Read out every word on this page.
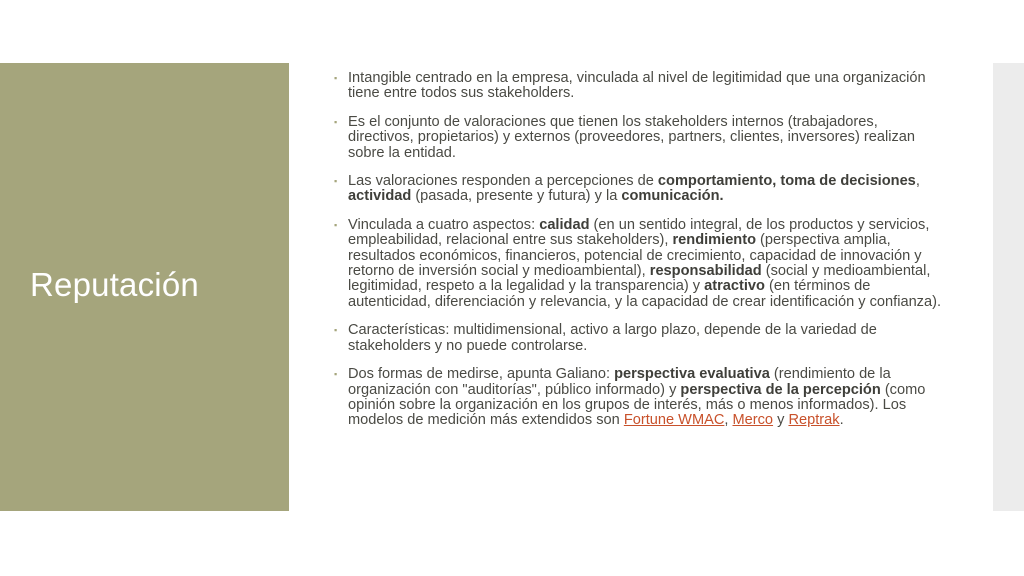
Reputación
▪
Intangible centrado en la empresa, vinculada al nivel de legitimidad que una organización tiene entre todos sus stakeholders.
▪
Es el conjunto de valoraciones que tienen los stakeholders internos (trabajadores, directivos, propietarios) y externos (proveedores, partners, clientes, inversores) realizan sobre la entidad.
▪
Las valoraciones responden a percepciones de comportamiento, toma de decisiones, actividad (pasada, presente y futura) y la comunicación.
▪
Vinculada a cuatro aspectos: calidad (en un sentido integral, de los productos y servicios, empleabilidad, relacional entre sus stakeholders), rendimiento (perspectiva amplia, resultados económicos, financieros, potencial de crecimiento, capacidad de innovación y retorno de inversión social y medioambiental), responsabilidad (social y medioambiental, legitimidad, respeto a la legalidad y la transparencia) y atractivo (en términos de autenticidad, diferenciación y relevancia, y la capacidad de crear identificación y confianza).
▪
Características: multidimensional, activo a largo plazo, depende de la variedad de stakeholders y no puede controlarse.
▪
Dos formas de medirse, apunta Galiano: perspectiva evaluativa (rendimiento de la organización con "auditorías", público informado) y perspectiva de la percepción (como opinión sobre la organización en los grupos de interés, más o menos informados). Los modelos de medición más extendidos son Fortune WMAC, Merco y Reptrak.
